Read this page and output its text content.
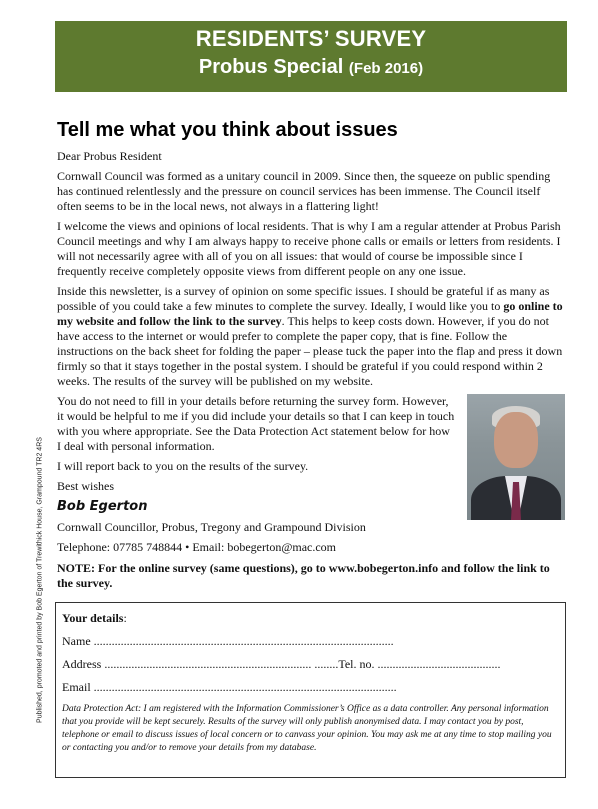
RESIDENTS’ SURVEY
Probus Special (Feb 2016)
Published, promoted and printed by Bob Egerton of Trewithick House, Grampound TR2 4RS
Tell me what you think about issues

Dear Probus Resident

Cornwall Council was formed as a unitary council in 2009. Since then, the squeeze on public spending has continued relentlessly and the pressure on council services has been immense. The Council itself often seems to be in the local news, not always in a flattering light!

I welcome the views and opinions of local residents. That is why I am a regular attender at Probus Parish Council meetings and why I am always happy to receive phone calls or emails or letters from residents. I will not necessarily agree with all of you on all issues: that would of course be impossible since I frequently receive completely opposite views from different people on any one issue.

Inside this newsletter, is a survey of opinion on some specific issues. I should be grateful if as many as possible of you could take a few minutes to complete the survey. Ideally, I would like you to go online to my website and follow the link to the survey. This helps to keep costs down. However, if you do not have access to the internet or would prefer to complete the paper copy, that is fine. Follow the instructions on the back sheet for folding the paper – please tuck the paper into the flap and press it down firmly so that it stays together in the postal system. I should be grateful if you could respond within 2 weeks. The results of the survey will be published on my website.

You do not need to fill in your details before returning the survey form. However, it would be helpful to me if you did include your details so that I can keep in touch with you where appropriate. See the Data Protection Act statement below for how I deal with personal information.

I will report back to you on the results of the survey.

Best wishes

Bob Egerton

Cornwall Councillor, Probus, Tregony and Grampound Division

Telephone: 07785 748844 • Email: bobegerton@mac.com

NOTE: For the online survey (same questions), go to www.bobegerton.info and follow the link to the survey.

Your details:
Name ....................................................................................................
Address ..................................................................... ........Tel. no. .........................................
Email .....................................................................................................
Data Protection Act: I am registered with the Information Commissioner’s Office as a data controller. Any personal information that you provide will be kept securely. Results of the survey will only publish anonymised data. I may contact you by post, telephone or email to discuss issues of local concern or to canvass your opinion. You may ask me at any time to stop mailing you or contacting you and/or to remove your details from my database.
